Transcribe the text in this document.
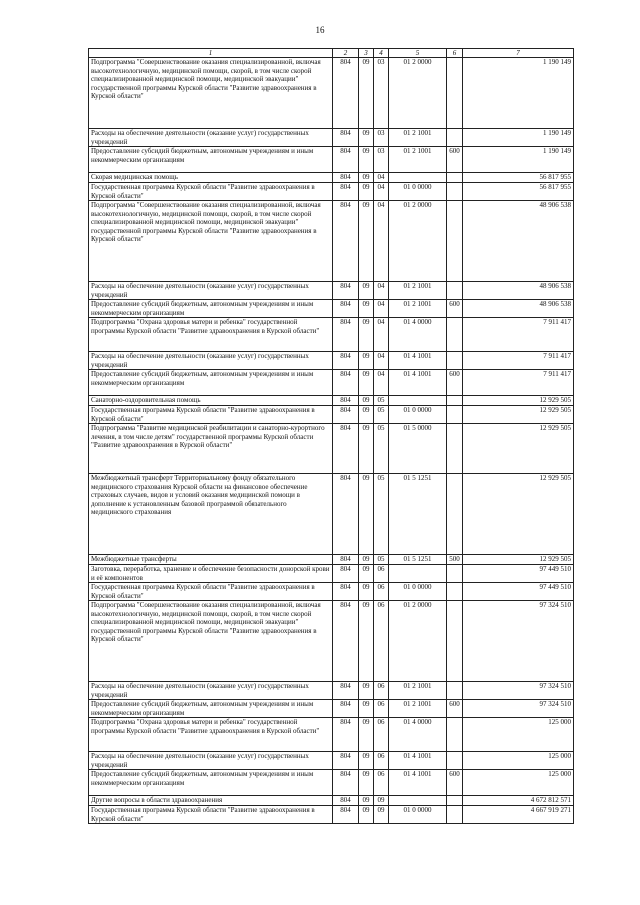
16
1	2	3	4	5	6	7
Подпрограмма "Совершенствование оказания специализированной, включая высокотехнологичную, медицинской помощи, скорой, в том числе скорой специализированной медицинской помощи, медицинской эвакуации" государственной программы Курской области "Развитие здравоохранения в Курской области"	804	09	03	01 2 0000		1 190 149
Расходы на обеспечение деятельности (оказание услуг) государственных учреждений	804	09	03	01 2 1001		1 190 149
Предоставление субсидий бюджетным, автономным учреждениям и иным некоммерческим организациям	804	09	03	01 2 1001	600	1 190 149
Скорая медицинская помощь	804	09	04			56 817 955
Государственная программа Курской области "Развитие здравоохранения в Курской области"	804	09	04	01 0 0000		56 817 955
Подпрограмма "Совершенствование оказания специализированной, включая высокотехнологичную, медицинской помощи, скорой, в том числе скорой специализированной медицинской помощи, медицинской эвакуации" государственной программы Курской области "Развитие здравоохранения в Курской области"	804	09	04	01 2 0000		48 906 538
Расходы на обеспечение деятельности (оказание услуг) государственных учреждений	804	09	04	01 2 1001		48 906 538
Предоставление субсидий бюджетным, автономным учреждениям и иным некоммерческим организациям	804	09	04	01 2 1001	600	48 906 538
Подпрограмма "Охрана здоровья матери и ребенка" государственной программы Курской области "Развитие здравоохранения в Курской области"	804	09	04	01 4 0000		7 911 417
Расходы на обеспечение деятельности (оказание услуг) государственных учреждений	804	09	04	01 4 1001		7 911 417
Предоставление субсидий бюджетным, автономным учреждениям и иным некоммерческим организациям	804	09	04	01 4 1001	600	7 911 417
Санаторно-оздоровительная помощь	804	09	05			12 929 505
Государственная программа Курской области "Развитие здравоохранения в Курской области"	804	09	05	01 0 0000		12 929 505
Подпрограмма "Развитие медицинской реабилитации и санаторно-курортного лечения, в том числе детям" государственной программы Курской области "Развитие здравоохранения в Курской области"	804	09	05	01 5 0000		12 929 505
Межбюджетный трансферт Территориальному фонду обязательного медицинского страхования Курской области на финансовое обеспечение страховых случаев, видов и условий оказания медицинской помощи в дополнение к установленным базовой программой обязательного медицинского страхования	804	09	05	01 5 1251		12 929 505
Межбюджетные трансферты	804	09	05	01 5 1251	500	12 929 505
Заготовка, переработка, хранение и обеспечение безопасности донорской крови и её компонентов	804	09	06			97 449 510
Государственная программа Курской области "Развитие здравоохранения в Курской области"	804	09	06	01 0 0000		97 449 510
Подпрограмма "Совершенствование оказания специализированной, включая высокотехнологичную, медицинской помощи, скорой, в том числе скорой специализированной медицинской помощи, медицинской эвакуации" государственной программы Курской области "Развитие здравоохранения в Курской области"	804	09	06	01 2 0000		97 324 510
Расходы на обеспечение деятельности (оказание услуг) государственных учреждений	804	09	06	01 2 1001		97 324 510
Предоставление субсидий бюджетным, автономным учреждениям и иным некоммерческим организациям	804	09	06	01 2 1001	600	97 324 510
Подпрограмма "Охрана здоровья матери и ребенка" государственной программы Курской области "Развитие здравоохранения в Курской области"	804	09	06	01 4 0000		125 000
Расходы на обеспечение деятельности (оказание услуг) государственных учреждений	804	09	06	01 4 1001		125 000
Предоставление субсидий бюджетным, автономным учреждениям и иным некоммерческим организациям	804	09	06	01 4 1001	600	125 000
Другие вопросы в области здравоохранения	804	09	09			4 672 812 571
Государственная программа Курской области "Развитие здравоохранения в Курской области"	804	09	09	01 0 0000		4 667 919 271
